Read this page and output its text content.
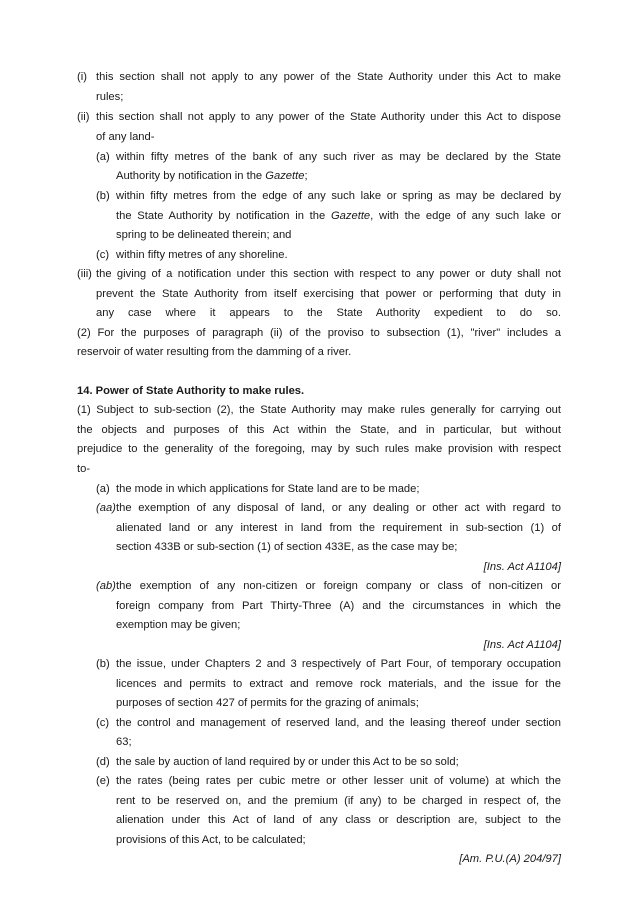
(i) this section shall not apply to any power of the State Authority under this Act to make
rules;
(ii) this section shall not apply to any power of the State Authority under this Act to dispose
of any land-
(a) within fifty metres of the bank of any such river as may be declared by the State
Authority by notification in the Gazette;
(b) within fifty metres from the edge of any such lake or spring as may be declared by
the State Authority by notification in the Gazette, with the edge of any such lake or
spring to be delineated therein; and
(c) within fifty metres of any shoreline.
(iii) the giving of a notification under this section with respect to any power or duty shall not
prevent the State Authority from itself exercising that power or performing that duty in
any case where it appears to the State Authority expedient to do so.
(2) For the purposes of paragraph (ii) of the proviso to subsection (1), "river" includes a
reservoir of water resulting from the damming of a river.
14. Power of State Authority to make rules.
(1) Subject to sub-section (2), the State Authority may make rules generally for carrying out
the objects and purposes of this Act within the State, and in particular, but without
prejudice to the generality of the foregoing, may by such rules make provision with respect
to-
(a) the mode in which applications for State land are to be made;
(aa) the exemption of any disposal of land, or any dealing or other act with regard to
alienated land or any interest in land from the requirement in sub-section (1) of
section 433B or sub-section (1) of section 433E, as the case may be;
[Ins. Act A1104]
(ab) the exemption of any non-citizen or foreign company or class of non-citizen or
foreign company from Part Thirty-Three (A) and the circumstances in which the
exemption may be given;
[Ins. Act A1104]
(b) the issue, under Chapters 2 and 3 respectively of Part Four, of temporary occupation
licences and permits to extract and remove rock materials, and the issue for the
purposes of section 427 of permits for the grazing of animals;
(c) the control and management of reserved land, and the leasing thereof under section
63;
(d) the sale by auction of land required by or under this Act to be so sold;
(e) the rates (being rates per cubic metre or other lesser unit of volume) at which the
rent to be reserved on, and the premium (if any) to be charged in respect of, the
alienation under this Act of land of any class or description are, subject to the
provisions of this Act, to be calculated;
[Am. P.U.(A) 204/97]
